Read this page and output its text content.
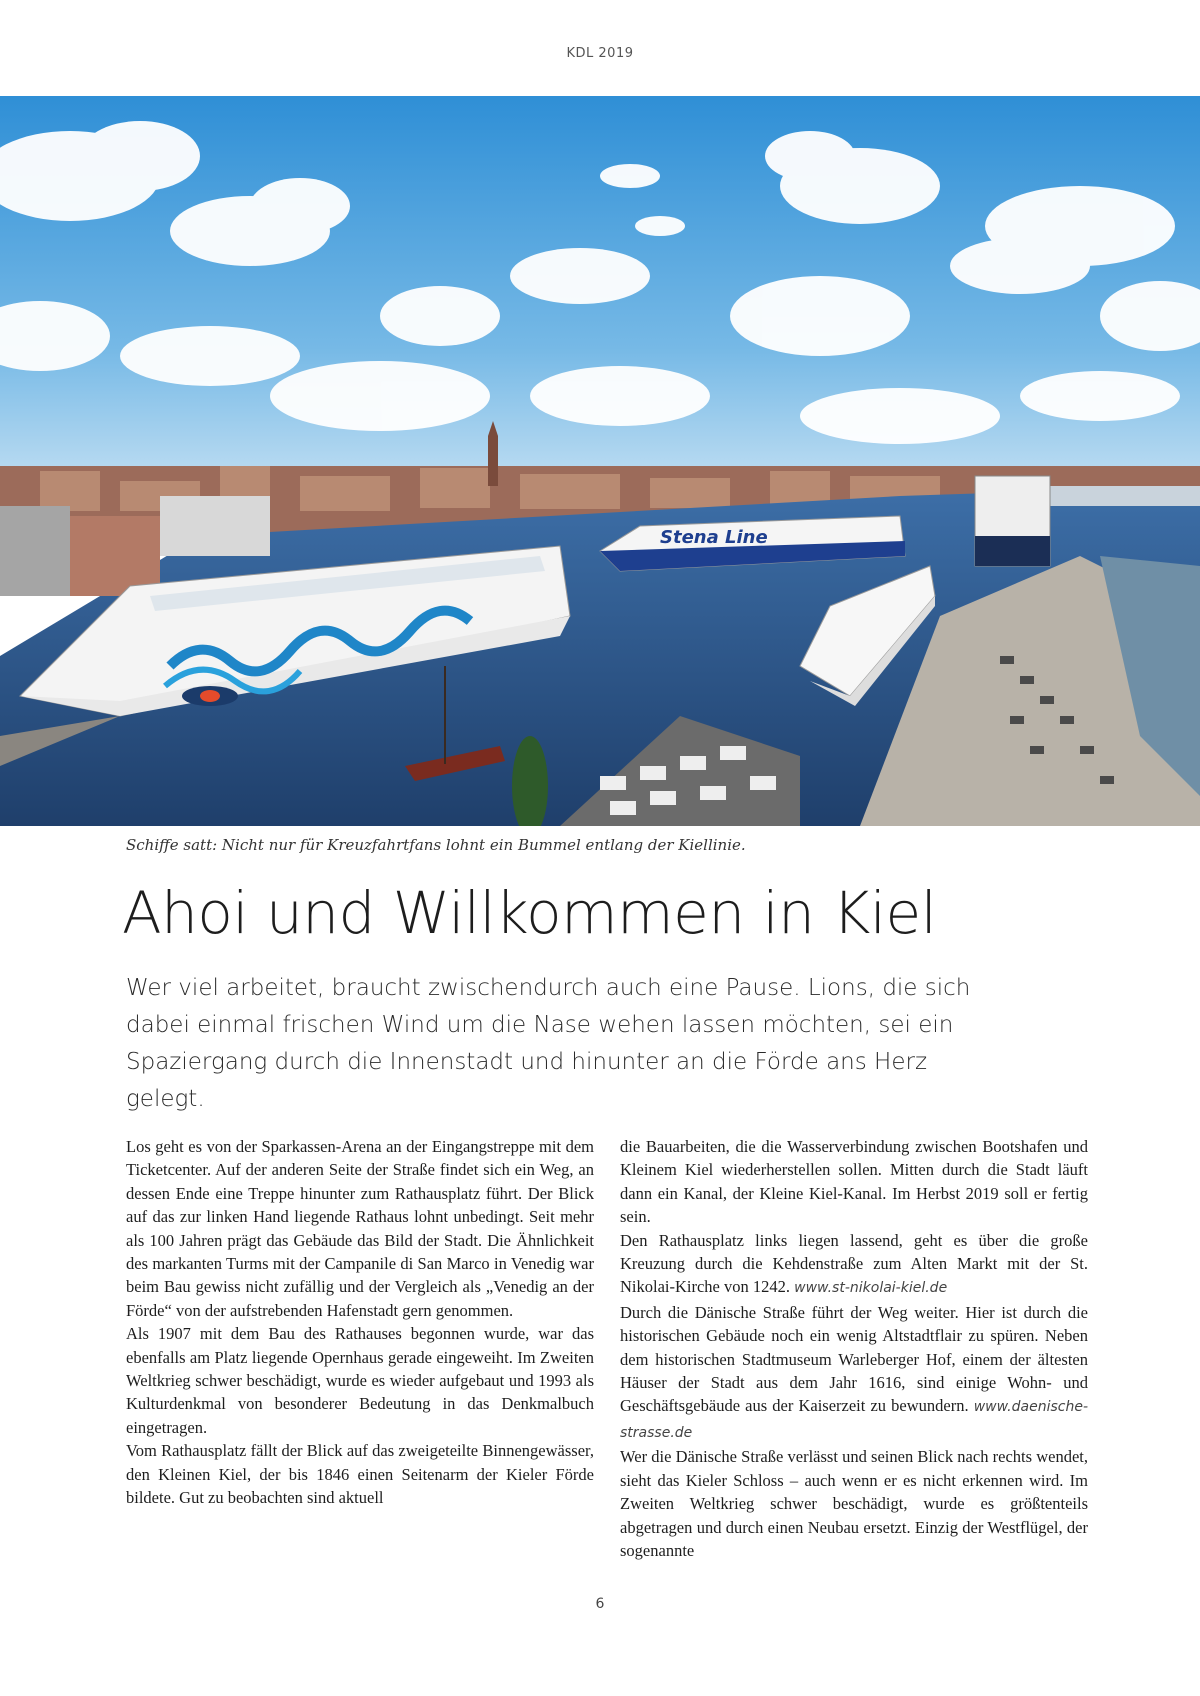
KDL 2019
Stena Line
Schiffe satt: Nicht nur für Kreuzfahrtfans lohnt ein Bummel entlang der Kiellinie.
Ahoi und Willkommen in Kiel

Wer viel arbeitet, braucht zwischendurch auch eine Pause. Lions, die sich dabei einmal frischen Wind um die Nase wehen lassen möchten, sei ein Spaziergang durch die Innenstadt und hinunter an die Förde ans Herz gelegt.

Los geht es von der Sparkassen-Arena an der Eingangstreppe mit dem Ticketcenter. Auf der anderen Seite der Straße findet sich ein Weg, an dessen Ende eine Treppe hinunter zum Rathausplatz führt. Der Blick auf das zur linken Hand liegende Rathaus lohnt unbedingt. Seit mehr als 100 Jahren prägt das Gebäude das Bild der Stadt. Die Ähnlichkeit des markanten Turms mit der Campanile di San Marco in Venedig war beim Bau gewiss nicht zufällig und der Vergleich als „Venedig an der Förde“ von der aufstrebenden Hafenstadt gern genommen.

Als 1907 mit dem Bau des Rathauses begonnen wurde, war das ebenfalls am Platz liegende Opernhaus gerade eingeweiht. Im Zweiten Weltkrieg schwer beschädigt, wurde es wieder aufgebaut und 1993 als Kulturdenkmal von besonderer Bedeutung in das Denkmalbuch eingetragen.

Vom Rathausplatz fällt der Blick auf das zweigeteilte Binnengewässer, den Kleinen Kiel, der bis 1846 einen Seitenarm der Kieler Förde bildete. Gut zu beobachten sind aktuell

die Bauarbeiten, die die Wasserverbindung zwischen Bootshafen und Kleinem Kiel wiederherstellen sollen. Mitten durch die Stadt läuft dann ein Kanal, der Kleine Kiel-Kanal. Im Herbst 2019 soll er fertig sein.

Den Rathausplatz links liegen lassend, geht es über die große Kreuzung durch die Kehdenstraße zum Alten Markt mit der St. Nikolai-Kirche von 1242. www.st-nikolai-kiel.de

Durch die Dänische Straße führt der Weg weiter. Hier ist durch die historischen Gebäude noch ein wenig Altstadtflair zu spüren. Neben dem historischen Stadtmuseum Warleberger Hof, einem der ältesten Häuser der Stadt aus dem Jahr 1616, sind einige Wohn- und Geschäftsgebäude aus der Kaiserzeit zu bewundern. www.daenische-strasse.de

Wer die Dänische Straße verlässt und seinen Blick nach rechts wendet, sieht das Kieler Schloss – auch wenn er es nicht erkennen wird. Im Zweiten Weltkrieg schwer beschädigt, wurde es größtenteils abgetragen und durch einen Neubau ersetzt. Einzig der Westflügel, der sogenannte

6
